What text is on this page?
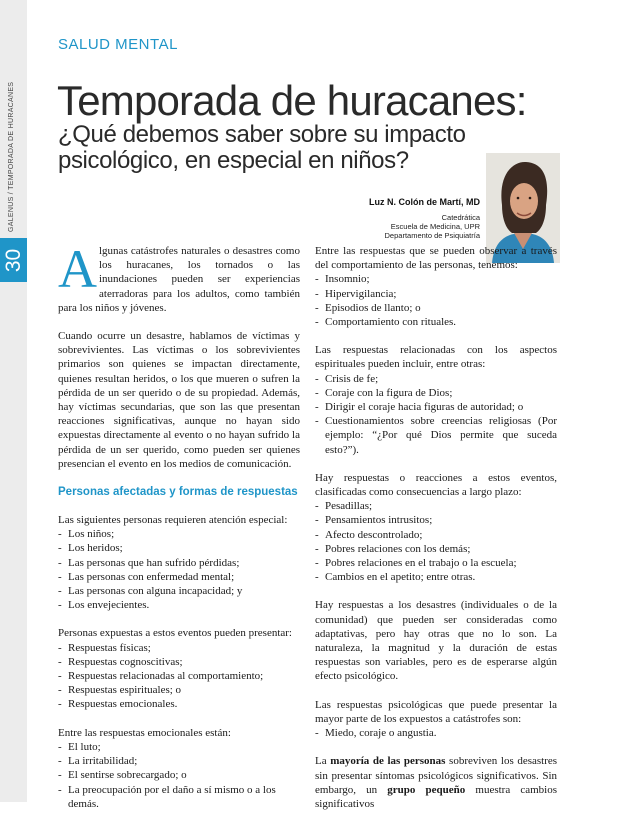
GALENUS / TEMPORADA DE HURACANES
30
SALUD MENTAL
Temporada de huracanes:
¿Qué debemos saber sobre su impacto psicológico, en especial en niños?
Luz N. Colón de Martí, MD
Catedrática
Escuela de Medicina, UPR
Departamento de Psiquiatría

Algunas catástrofes naturales o desastres como los huracanes, los tornados o las inundaciones pueden ser experiencias aterradoras para los adultos, como también para los niños y jóvenes.

Cuando ocurre un desastre, hablamos de víctimas y sobrevivientes. Las víctimas o los sobrevivientes primarios son quienes se impactan directamente, quienes resultan heridos, o los que mueren o sufren la pérdida de un ser querido o de su propiedad. Además, hay víctimas secundarias, que son las que presentan reacciones significativas, aunque no hayan sido expuestas directamente al evento o no hayan sufrido la pérdida de un ser querido, como pueden ser quienes presencian el evento en los medios de comunicación.

Personas afectadas y formas de respuestas

Las siguientes personas requieren atención especial:

- Los niños;
- Los heridos;
- Las personas que han sufrido pérdidas;
- Las personas con enfermedad mental;
- Las personas con alguna incapacidad; y
- Los envejecientes.

Personas expuestas a estos eventos pueden presentar:

- Respuestas físicas;
- Respuestas cognoscitivas;
- Respuestas relacionadas al comportamiento;
- Respuestas espirituales; o
- Respuestas emocionales.

Entre las respuestas emocionales están:

- El luto;
- La irritabilidad;
- El sentirse sobrecargado; o
- La preocupación por el daño a sí mismo o a los demás.

Entre las respuestas que se pueden observar a través del comportamiento de las personas, tenemos:

- Insomnio;
- Hipervigilancia;
- Episodios de llanto; o
- Comportamiento con rituales.

Las respuestas relacionadas con los aspectos espirituales pueden incluir, entre otras:

- Crisis de fe;
- Coraje con la figura de Dios;
- Dirigir el coraje hacia figuras de autoridad; o
- Cuestionamientos sobre creencias religiosas (Por ejemplo: “¿Por qué Dios permite que suceda esto?”).

Hay respuestas o reacciones a estos eventos, clasificadas como consecuencias a largo plazo:

- Pesadillas;
- Pensamientos intrusitos;
- Afecto descontrolado;
- Pobres relaciones con los demás;
- Pobres relaciones en el trabajo o la escuela;
- Cambios en el apetito; entre otras.

Hay respuestas a los desastres (individuales o de la comunidad) que pueden ser consideradas como adaptativas, pero hay otras que no lo son. La naturaleza, la magnitud y la duración de estas respuestas son variables, pero es de esperarse algún efecto psicológico.

Las respuestas psicológicas que puede presentar la mayor parte de los expuestos a catástrofes son:

- Miedo, coraje o angustia.

La mayoría de las personas sobreviven los desastres sin presentar síntomas psicológicos significativos. Sin embargo, un grupo pequeño muestra cambios significativos
